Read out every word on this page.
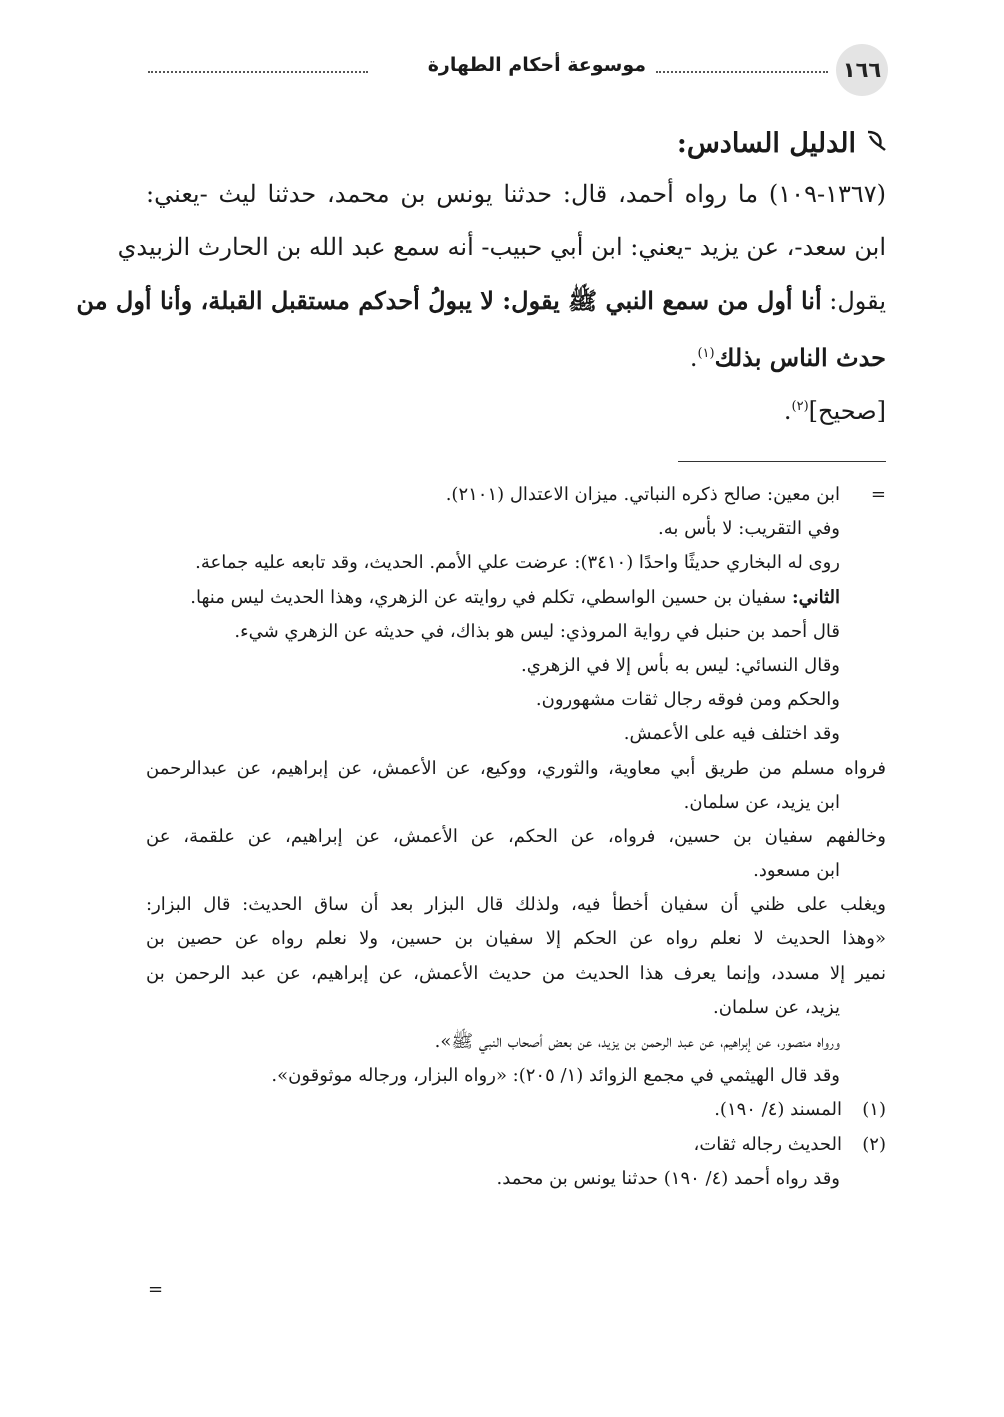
١٦٦
موسوعة أحكام الطهارة
الدليل السادس:
(١٣٦٧-١٠٩) ما رواه أحمد، قال: حدثنا يونس بن محمد، حدثنا ليث -يعني:
ابن سعد-، عن يزيد -يعني: ابن أبي حبيب- أنه سمع عبد الله بن الحارث الزبيدي
يقول: أنا أول من سمع النبي ﷺ يقول: لا يبولُ أحدكم مستقبل القبلة، وأنا أول من
حدث الناس بذلك$^{(١)}$.
[صحيح]$^{(٢)}$.
=
ابن معين: صالح ذكره النباتي. ميزان الاعتدال (٢١٠١).
وفي التقريب: لا بأس به.
روى له البخاري حديثًا واحدًا (٣٤١٠): عرضت علي الأمم. الحديث، وقد تابعه عليه جماعة.
الثاني: سفيان بن حسين الواسطي، تكلم في روايته عن الزهري، وهذا الحديث ليس منها.
قال أحمد بن حنبل في رواية المروذي: ليس هو بذاك، في حديثه عن الزهري شيء.
وقال النسائي: ليس به بأس إلا في الزهري.
والحكم ومن فوقه رجال ثقات مشهورون.
وقد اختلف فيه على الأعمش.
فرواه مسلم من طريق أبي معاوية، والثوري، ووكيع، عن الأعمش، عن إبراهيم، عن عبدالرحمن
ابن يزيد، عن سلمان.
وخالفهم سفيان بن حسين، فرواه، عن الحكم، عن الأعمش، عن إبراهيم، عن علقمة، عن
ابن مسعود.
ويغلب على ظني أن سفيان أخطأ فيه، ولذلك قال البزار بعد أن ساق الحديث: قال البزار:
«وهذا الحديث لا نعلم رواه عن الحكم إلا سفيان بن حسين، ولا نعلم رواه عن حصين بن
نمير إلا مسدد، وإنما يعرف هذا الحديث من حديث الأعمش، عن إبراهيم، عن عبد الرحمن بن
يزيد، عن سلمان.
ورواه منصور، عن إبراهيم، عن عبد الرحمن بن يزيد، عن بعض أصحاب النبي ﷺ».
وقد قال الهيثمي في مجمع الزوائد (١/ ٢٠٥): «رواه البزار، ورجاله موثوقون».
(١)المسند (٤/ ١٩٠).
(٢)الحديث رجاله ثقات،
وقد رواه أحمد (٤/ ١٩٠) حدثنا يونس بن محمد.
=
